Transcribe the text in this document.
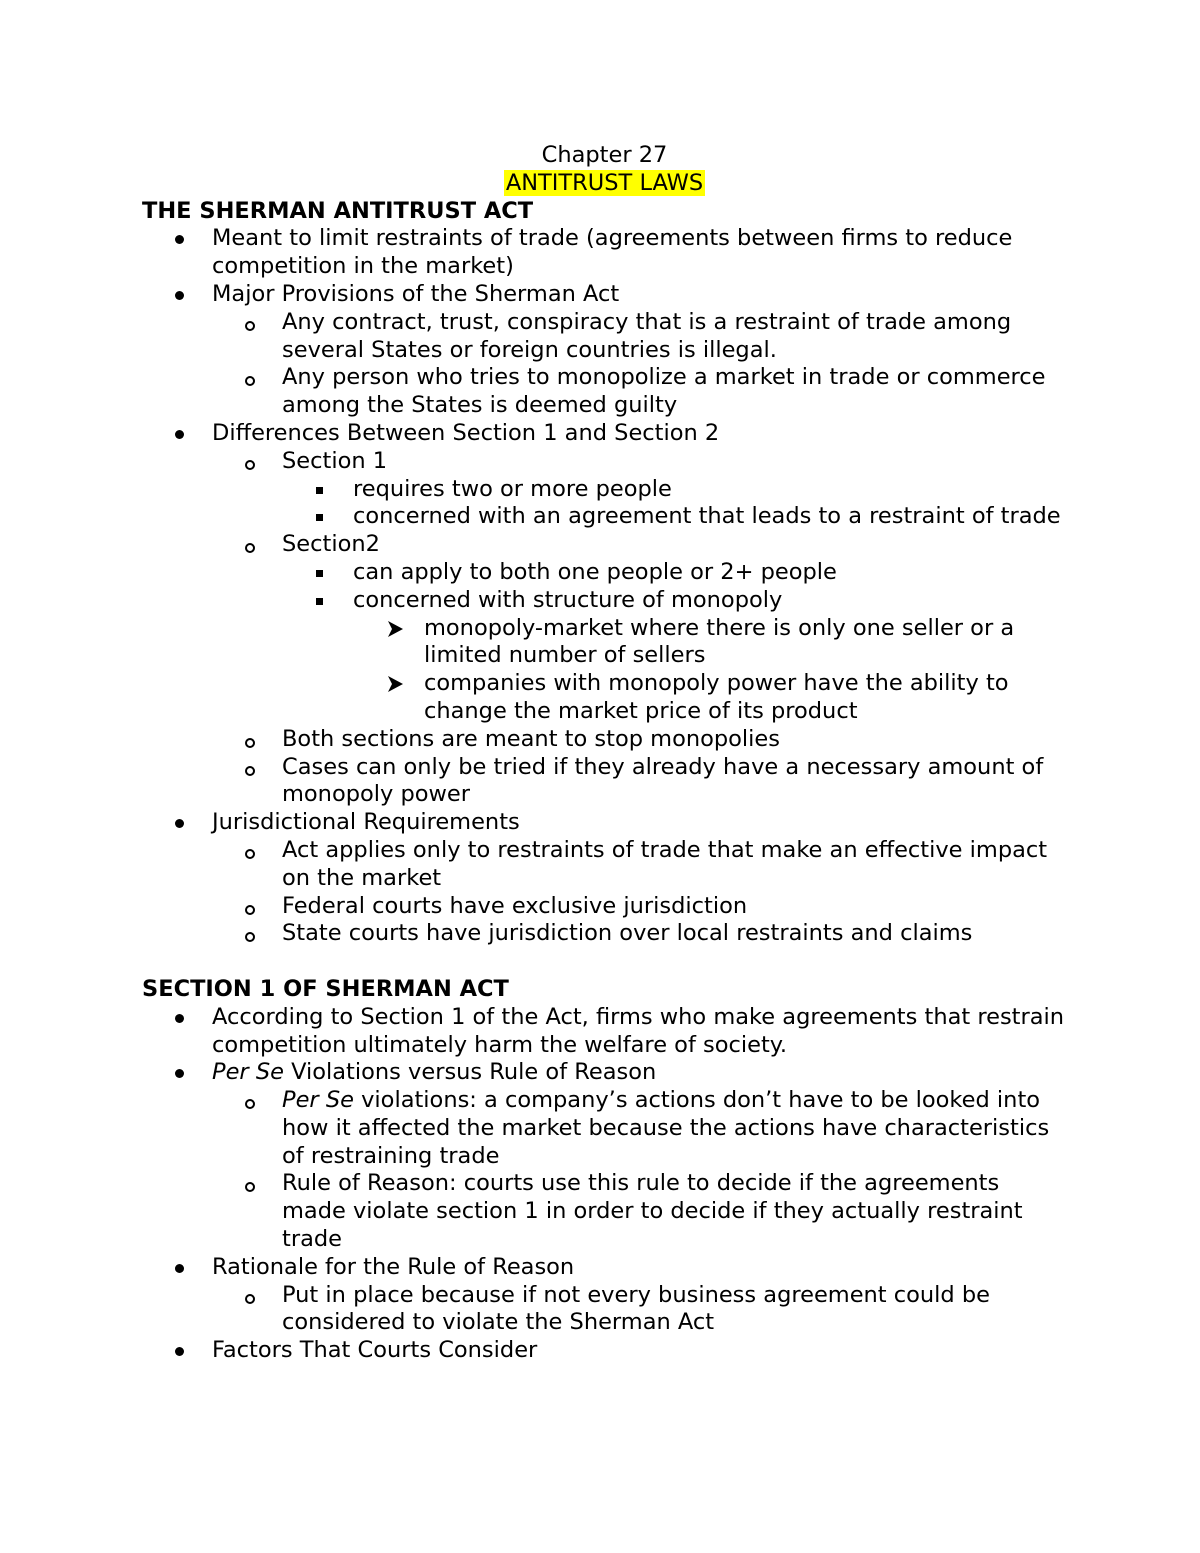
Chapter 27
ANTITRUST LAWS
THE SHERMAN ANTITRUST ACT
Meant to limit restraints of trade (agreements between firms to reduce competition in the market)
Major Provisions of the Sherman Act
Any contract, trust, conspiracy that is a restraint of trade among several States or foreign countries is illegal.
Any person who tries to monopolize a market in trade or commerce among the States is deemed guilty
Differences Between Section 1 and Section 2
Section 1
requires two or more people
concerned with an agreement that leads to a restraint of trade
Section2
can apply to both one people or 2+ people
concerned with structure of monopoly
monopoly-market where there is only one seller or a limited number of sellers
companies with monopoly power have the ability to change the market price of its product
Both sections are meant to stop monopolies
Cases can only be tried if they already have a necessary amount of monopoly power
Jurisdictional Requirements
Act applies only to restraints of trade that make an effective impact on the market
Federal courts have exclusive jurisdiction
State courts have jurisdiction over local restraints and claims
SECTION 1 OF SHERMAN ACT
According to Section 1 of the Act, firms who make agreements that restrain competition ultimately harm the welfare of society.
Per Se Violations versus Rule of Reason
Per Se violations: a company’s actions don’t have to be looked into how it affected the market because the actions have characteristics of restraining trade
Rule of Reason: courts use this rule to decide if the agreements made violate section 1 in order to decide if they actually restraint trade
Rationale for the Rule of Reason
Put in place because if not every business agreement could be considered to violate the Sherman Act
Factors That Courts Consider
